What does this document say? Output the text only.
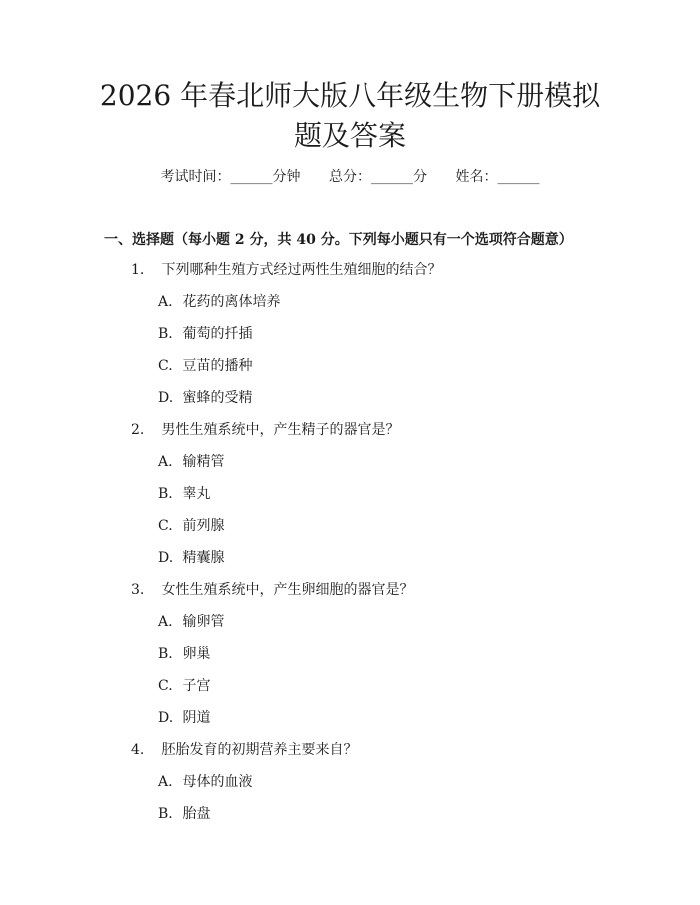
2026 年春北师大版八年级生物下册模拟题及答案
考试时间：______分钟 总分：______分 姓名：______
一、选择题（每小题 2 分，共 40 分。下列每小题只有一个选项符合题意）
1. 下列哪种生殖方式经过两性生殖细胞的结合？
A. 花药的离体培养
B. 葡萄的扦插
C. 豆苗的播种
D. 蜜蜂的受精
2. 男性生殖系统中，产生精子的器官是？
A. 输精管
B. 睾丸
C. 前列腺
D. 精囊腺
3. 女性生殖系统中，产生卵细胞的器官是？
A. 输卵管
B. 卵巢
C. 子宫
D. 阴道
4. 胚胎发育的初期营养主要来自？
A. 母体的血液
B. 胎盘
